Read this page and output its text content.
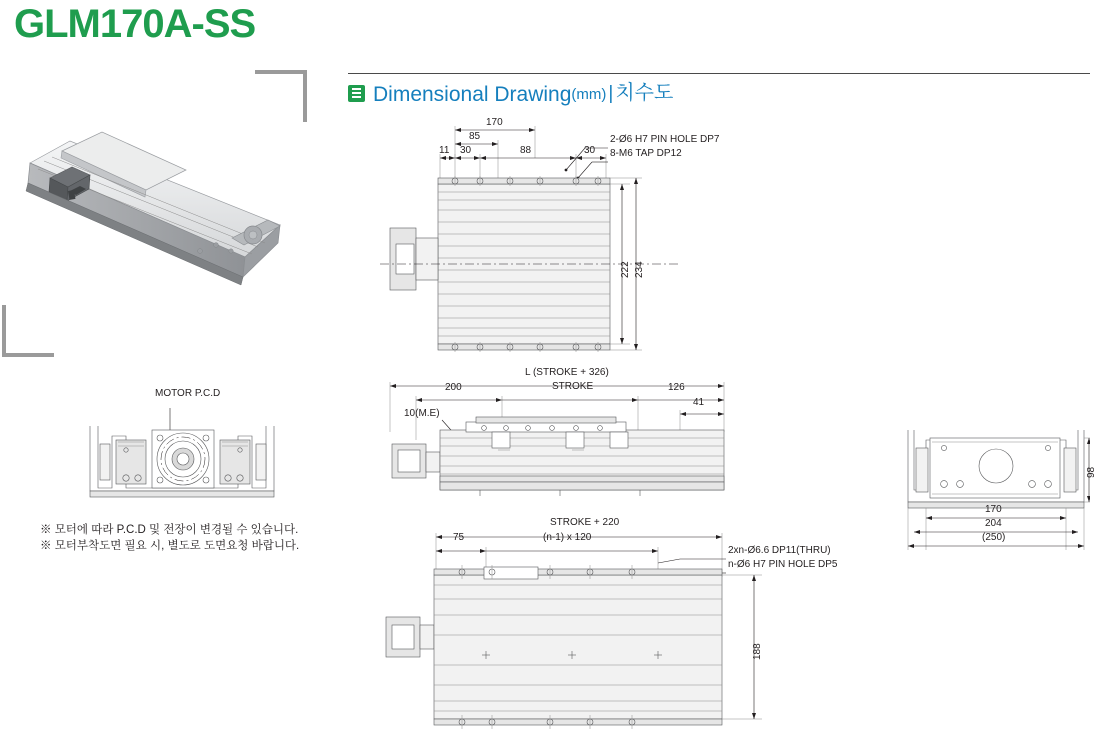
GLM170A-SS
Dimensional Drawing(mm) | 치수도
※ 모터에 따라 P.C.D 및 전장이 변경될 수 있습니다.
※ 모터부착도면 필요 시, 별도로 도면요청 바랍니다.
MOTOR P.C.D
170
85
11 30	88	30
2-Ø6 H7 PIN HOLE DP7
8-M6 TAP DP12
222 234
L (STROKE + 326)
200	STROKE	126
41
10(M.E)
STROKE + 220
75	(n-1) x 120
2xn-Ø6.6 DP11(THRU)
n-Ø6 H7 PIN HOLE DP5
188
98
170
204
(250)
